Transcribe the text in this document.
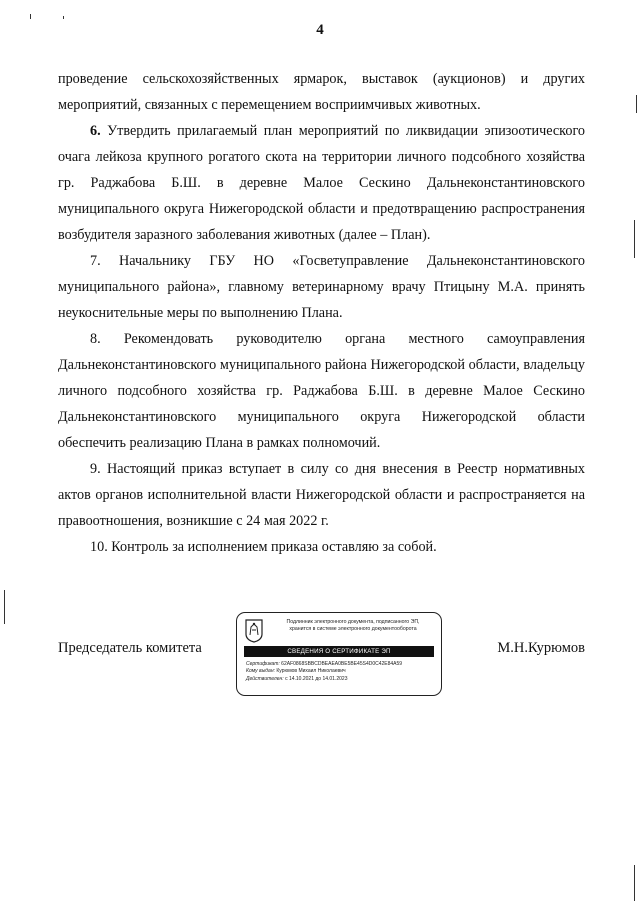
4

проведение сельскохозяйственных ярмарок, выставок (аукционов) и других мероприятий, связанных с перемещением восприимчивых животных.

6. Утвердить прилагаемый план мероприятий по ликвидации эпизоотического очага лейкоза крупного рогатого скота на территории личного подсобного хозяйства гр. Раджабова Б.Ш. в деревне Малое Сескино Дальнеконстантиновского муниципального округа Нижегородской области и предотвращению распространения возбудителя заразного заболевания животных (далее – План).

7. Начальнику ГБУ НО «Госветуправление Дальнеконстантиновского муниципального района», главному ветеринарному врачу Птицыну М.А. принять неукоснительные меры по выполнению Плана.

8. Рекомендовать руководителю органа местного самоуправления Дальнеконстантиновского муниципального района Нижегородской области, владельцу личного подсобного хозяйства гр. Раджабова Б.Ш. в деревне Малое Сескино Дальнеконстантиновского муниципального округа Нижегородской области обеспечить реализацию Плана в рамках полномочий.

9. Настоящий приказ вступает в силу со дня внесения в Реестр нормативных актов органов исполнительной власти Нижегородской области и распространяется на правоотношения, возникшие с 24 мая 2022 г.

10. Контроль за исполнением приказа оставляю за собой.

Председатель комитета
Подлинник электронного документа, подписанного ЭП,
хранится в системе электронного документооборота
СВЕДЕНИЯ О СЕРТИФИКАТЕ ЭП
Сертификат: 62AF0868SBBCDBEAEA0BE5BE45S4D0C42E84A59
Кому выдан: Курюмов Михаил Николаевич
Действителен: с 14.10.2021 до 14.01.2023
М.Н.Курюмов
